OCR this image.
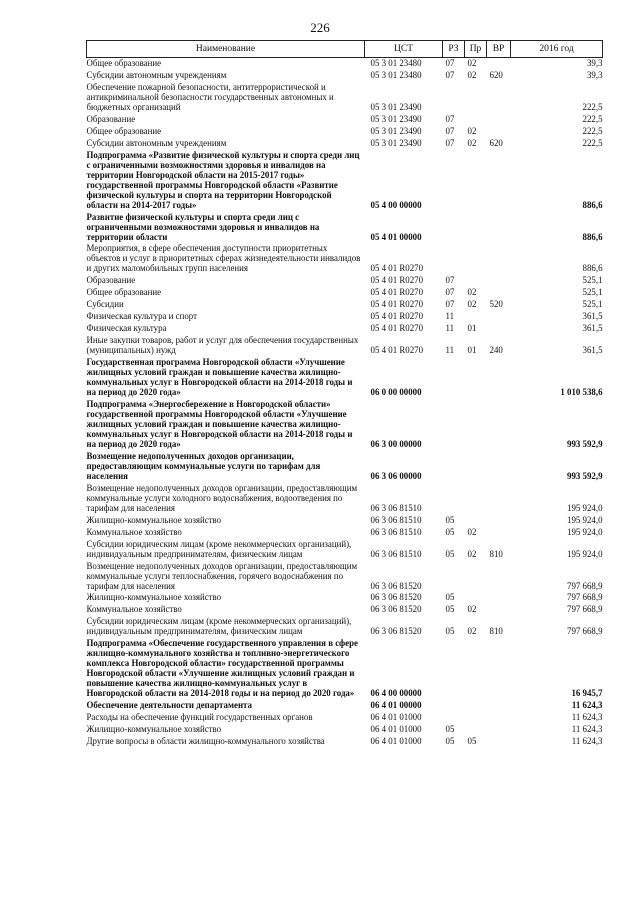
226
Наименование	ЦСТ	РЗ	Пр	ВР	2016 год
Общее образование	05 3 01 23480	07	02		39,3
Субсидии автономным учреждениям	05 3 01 23480	07	02	620	39,3
Обеспечение пожарной безопасности, антитеррористической и антикриминальной безопасности государственных автономных и бюджетных организаций	05 3 01 23490				222,5
Образование	05 3 01 23490	07			222,5
Общее образование	05 3 01 23490	07	02		222,5
Субсидии автономным учреждениям	05 3 01 23490	07	02	620	222,5
Подпрограмма «Развитие физической культуры и спорта среди лиц с ограниченными возможностями здоровья и инвалидов на территории Новгородской области на 2015-2017 годы» государственной программы Новгородской области «Развитие физической культуры и спорта на территории Новгородской области на 2014-2017 годы»	05 4 00 00000				886,6
Развитие физической культуры и спорта среди лиц с ограниченными возможностями здоровья и инвалидов на территории области	05 4 01 00000				886,6
Мероприятия, в сфере обеспечения доступности приоритетных объектов и услуг в приоритетных сферах жизнедеятельности инвалидов и других маломобильных групп населения	05 4 01 R0270				886,6
Образование	05 4 01 R0270	07			525,1
Общее образование	05 4 01 R0270	07	02		525,1
Субсидии	05 4 01 R0270	07	02	520	525,1
Физическая культура и спорт	05 4 01 R0270	11			361,5
Физическая культура	05 4 01 R0270	11	01		361,5
Иные закупки товаров, работ и услуг для обеспечения государственных (муниципальных) нужд	05 4 01 R0270	11	01	240	361,5
Государственная программа Новгородской области «Улучшение жилищных условий граждан и повышение качества жилищно-коммунальных услуг в Новгородской области на 2014-2018 годы и на период до 2020 года»	06 0 00 00000				1 010 538,6
Подпрограмма «Энергосбережение в Новгородской области» государственной программы Новгородской области «Улучшение жилищных условий граждан и повышение качества жилищно-коммунальных услуг в Новгородской области на 2014-2018 годы и на период до 2020 года»	06 3 00 00000				993 592,9
Возмещение недополученных доходов организации, предоставляющим коммунальные услуги по тарифам для населения	06 3 06 00000				993 592,9
Возмещение недополученных доходов организации, предоставляющим коммунальные услуги холодного водоснабжения, водоотведения по тарифам для населения	06 3 06 81510				195 924,0
Жилищно-коммунальное хозяйство	06 3 06 81510	05			195 924,0
Коммунальное хозяйство	06 3 06 81510	05	02		195 924,0
Субсидии юридическим лицам (кроме некоммерческих организаций), индивидуальным предпринимателям, физическим лицам	06 3 06 81510	05	02	810	195 924,0
Возмещение недополученных доходов организации, предоставляющим коммунальные услуги теплоснабжения, горячего водоснабжения по тарифам для населения	06 3 06 81520				797 668,9
Жилищно-коммунальное хозяйство	06 3 06 81520	05			797 668,9
Коммунальное хозяйство	06 3 06 81520	05	02		797 668,9
Субсидии юридическим лицам (кроме некоммерческих организаций), индивидуальным предпринимателям, физическим лицам	06 3 06 81520	05	02	810	797 668,9
Подпрограмма «Обеспечение государственного управления в сфере жилищно-коммунального хозяйства и топливно-энергетического комплекса Новгородской области» государственной программы Новгородской области «Улучшение жилищных условий граждан и повышение качества жилищно-коммунальных услуг в Новгородской области на 2014-2018 годы и на период до 2020 года»	06 4 00 00000				16 945,7
Обеспечение деятельности департамента	06 4 01 00000				11 624,3
Расходы на обеспечение функций государственных органов	06 4 01 01000				11 624,3
Жилищно-коммунальное хозяйство	06 4 01 01000	05			11 624,3
Другие вопросы в области жилищно-коммунального хозяйства	06 4 01 01000	05	05		11 624,3
